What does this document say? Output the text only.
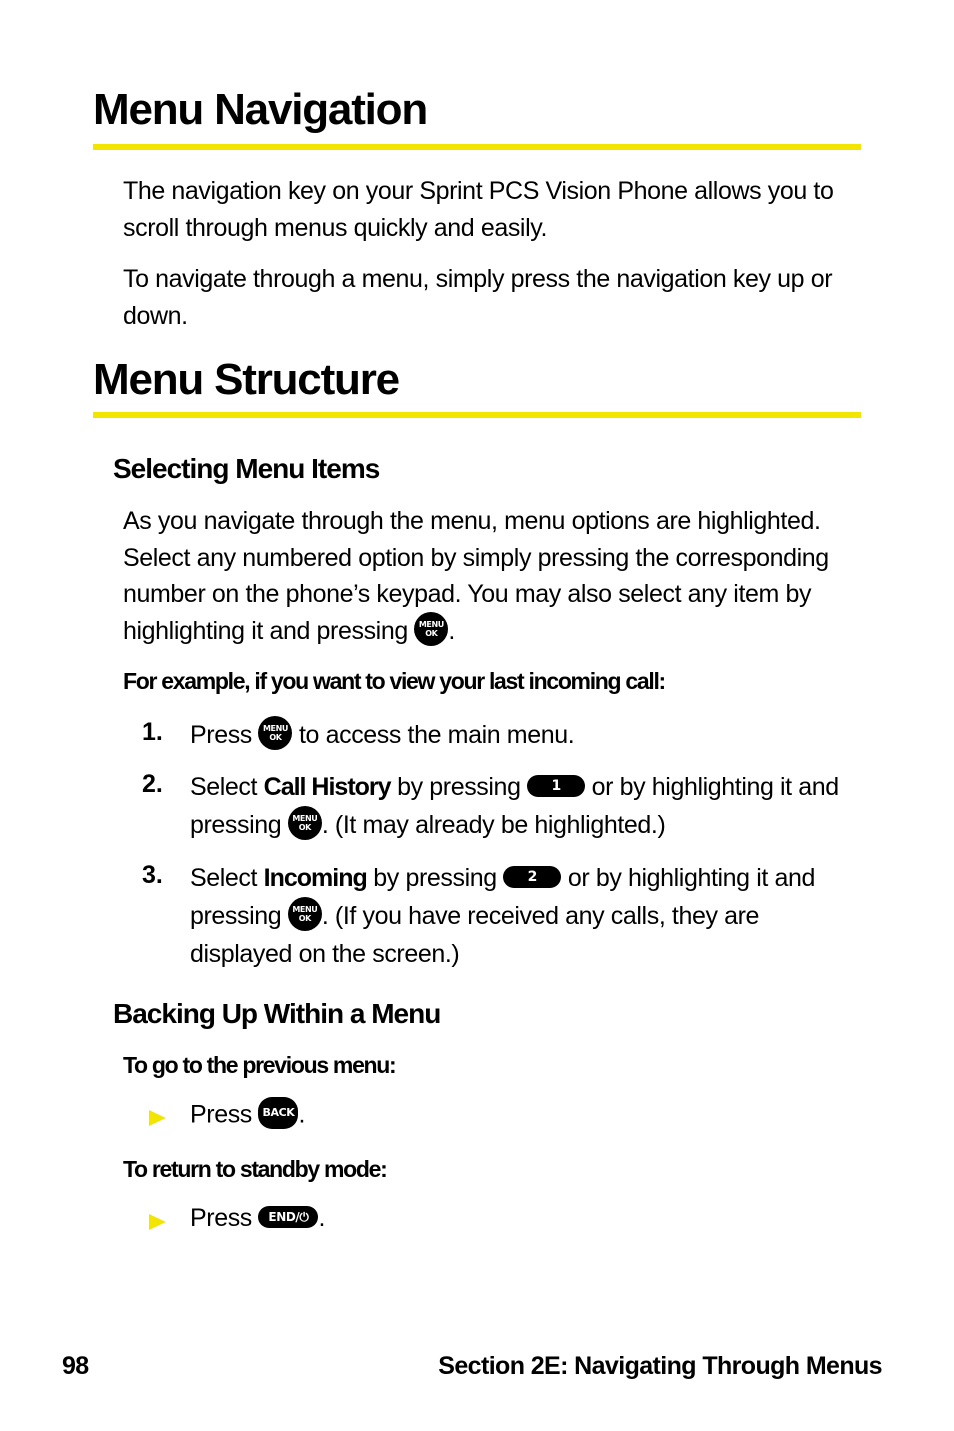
Menu Navigation

The navigation key on your Sprint PCS Vision Phone allows you to scroll through menus quickly and easily.

To navigate through a menu, simply press the navigation key up or down.

Menu Structure
Selecting Menu Items

As you navigate through the menu, menu options are highlighted. Select any numbered option by simply pressing the corresponding number on the phone’s keypad. You may also select any item by highlighting it and pressing	MENU
OK .

For example, if you want to view your last incoming call:
1. Press	MENU
OK to access the main menu.

2. Select Call History by pressing 1 or by highlighting it and pressing	MENU
OK . (It may already be highlighted.)

3. Select Incoming by pressing 2 or by highlighting it and pressing	MENU
OK . (If you have received any calls, they are displayed on the screen.)

Backing Up Within a Menu
To go to the previous menu:
Press BACK .
To return to standby mode:
Press END/⏻ .
98	Section 2E: Navigating Through Menus
